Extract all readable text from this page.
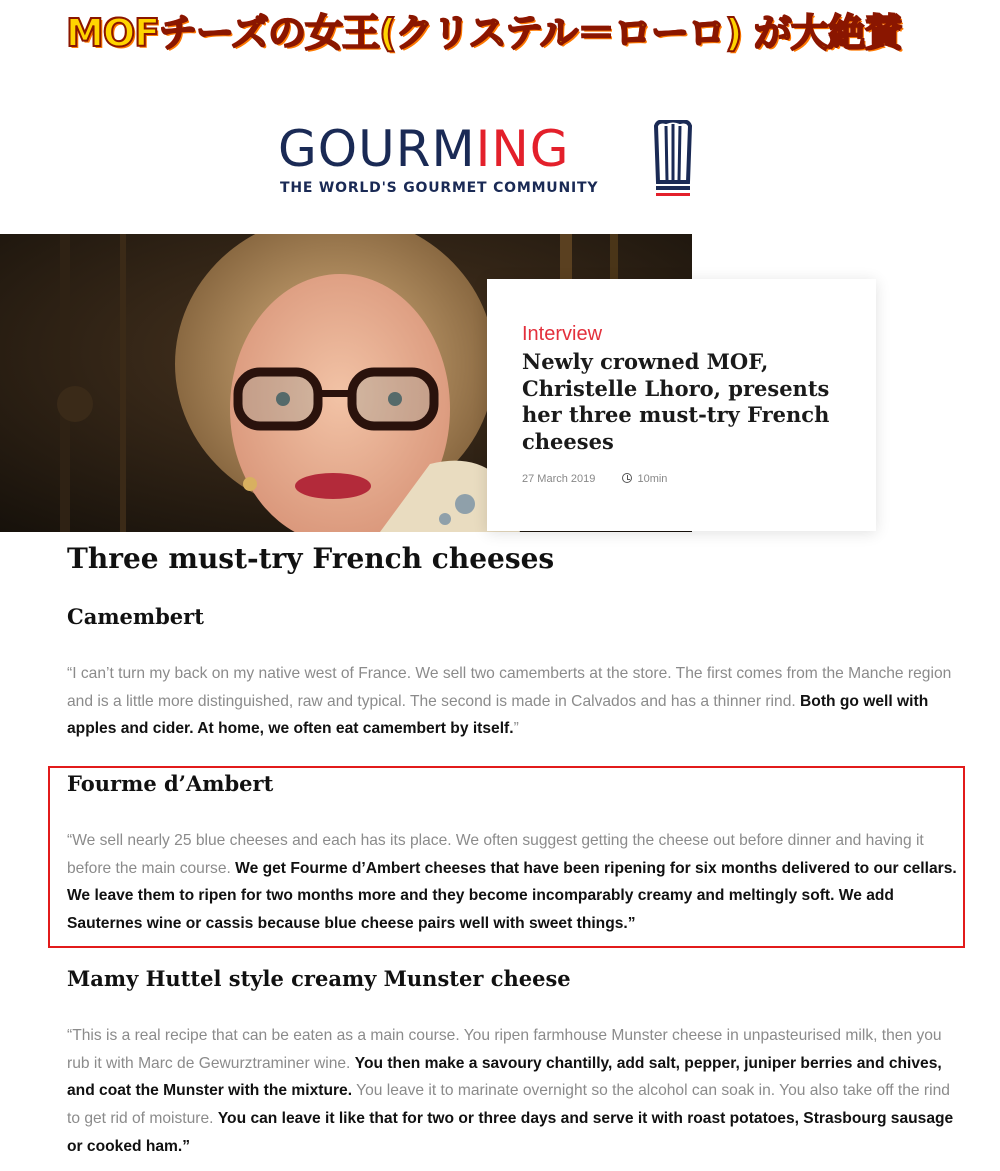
MOFチーズの女王(クリステル＝ローロ) が大絶賛
GOURMING
THE WORLD'S GOURMET COMMUNITY
Interview
Newly crowned MOF, Christelle Lhoro, presents her three must-try French cheeses
27 March 2019	10min
Three must-try French cheeses
Camembert
“I can’t turn my back on my native west of France. We sell two camemberts at the store. The first comes from the Manche region and is a little more distinguished, raw and typical. The second is made in Calvados and has a thinner rind. Both go well with apples and cider. At home, we often eat camembert by itself.”
Fourme d’Ambert
“We sell nearly 25 blue cheeses and each has its place. We often suggest getting the cheese out before dinner and having it before the main course. We get Fourme d’Ambert cheeses that have been ripening for six months delivered to our cellars. We leave them to ripen for two months more and they become incomparably creamy and meltingly soft. We add Sauternes wine or cassis because blue cheese pairs well with sweet things.”
Mamy Huttel style creamy Munster cheese
“This is a real recipe that can be eaten as a main course. You ripen farmhouse Munster cheese in unpasteurised milk, then you rub it with Marc de Gewurztraminer wine. You then make a savoury chantilly, add salt, pepper, juniper berries and chives, and coat the Munster with the mixture. You leave it to marinate overnight so the alcohol can soak in. You also take off the rind to get rid of moisture. You can leave it like that for two or three days and serve it with roast potatoes, Strasbourg sausage or cooked ham.”
